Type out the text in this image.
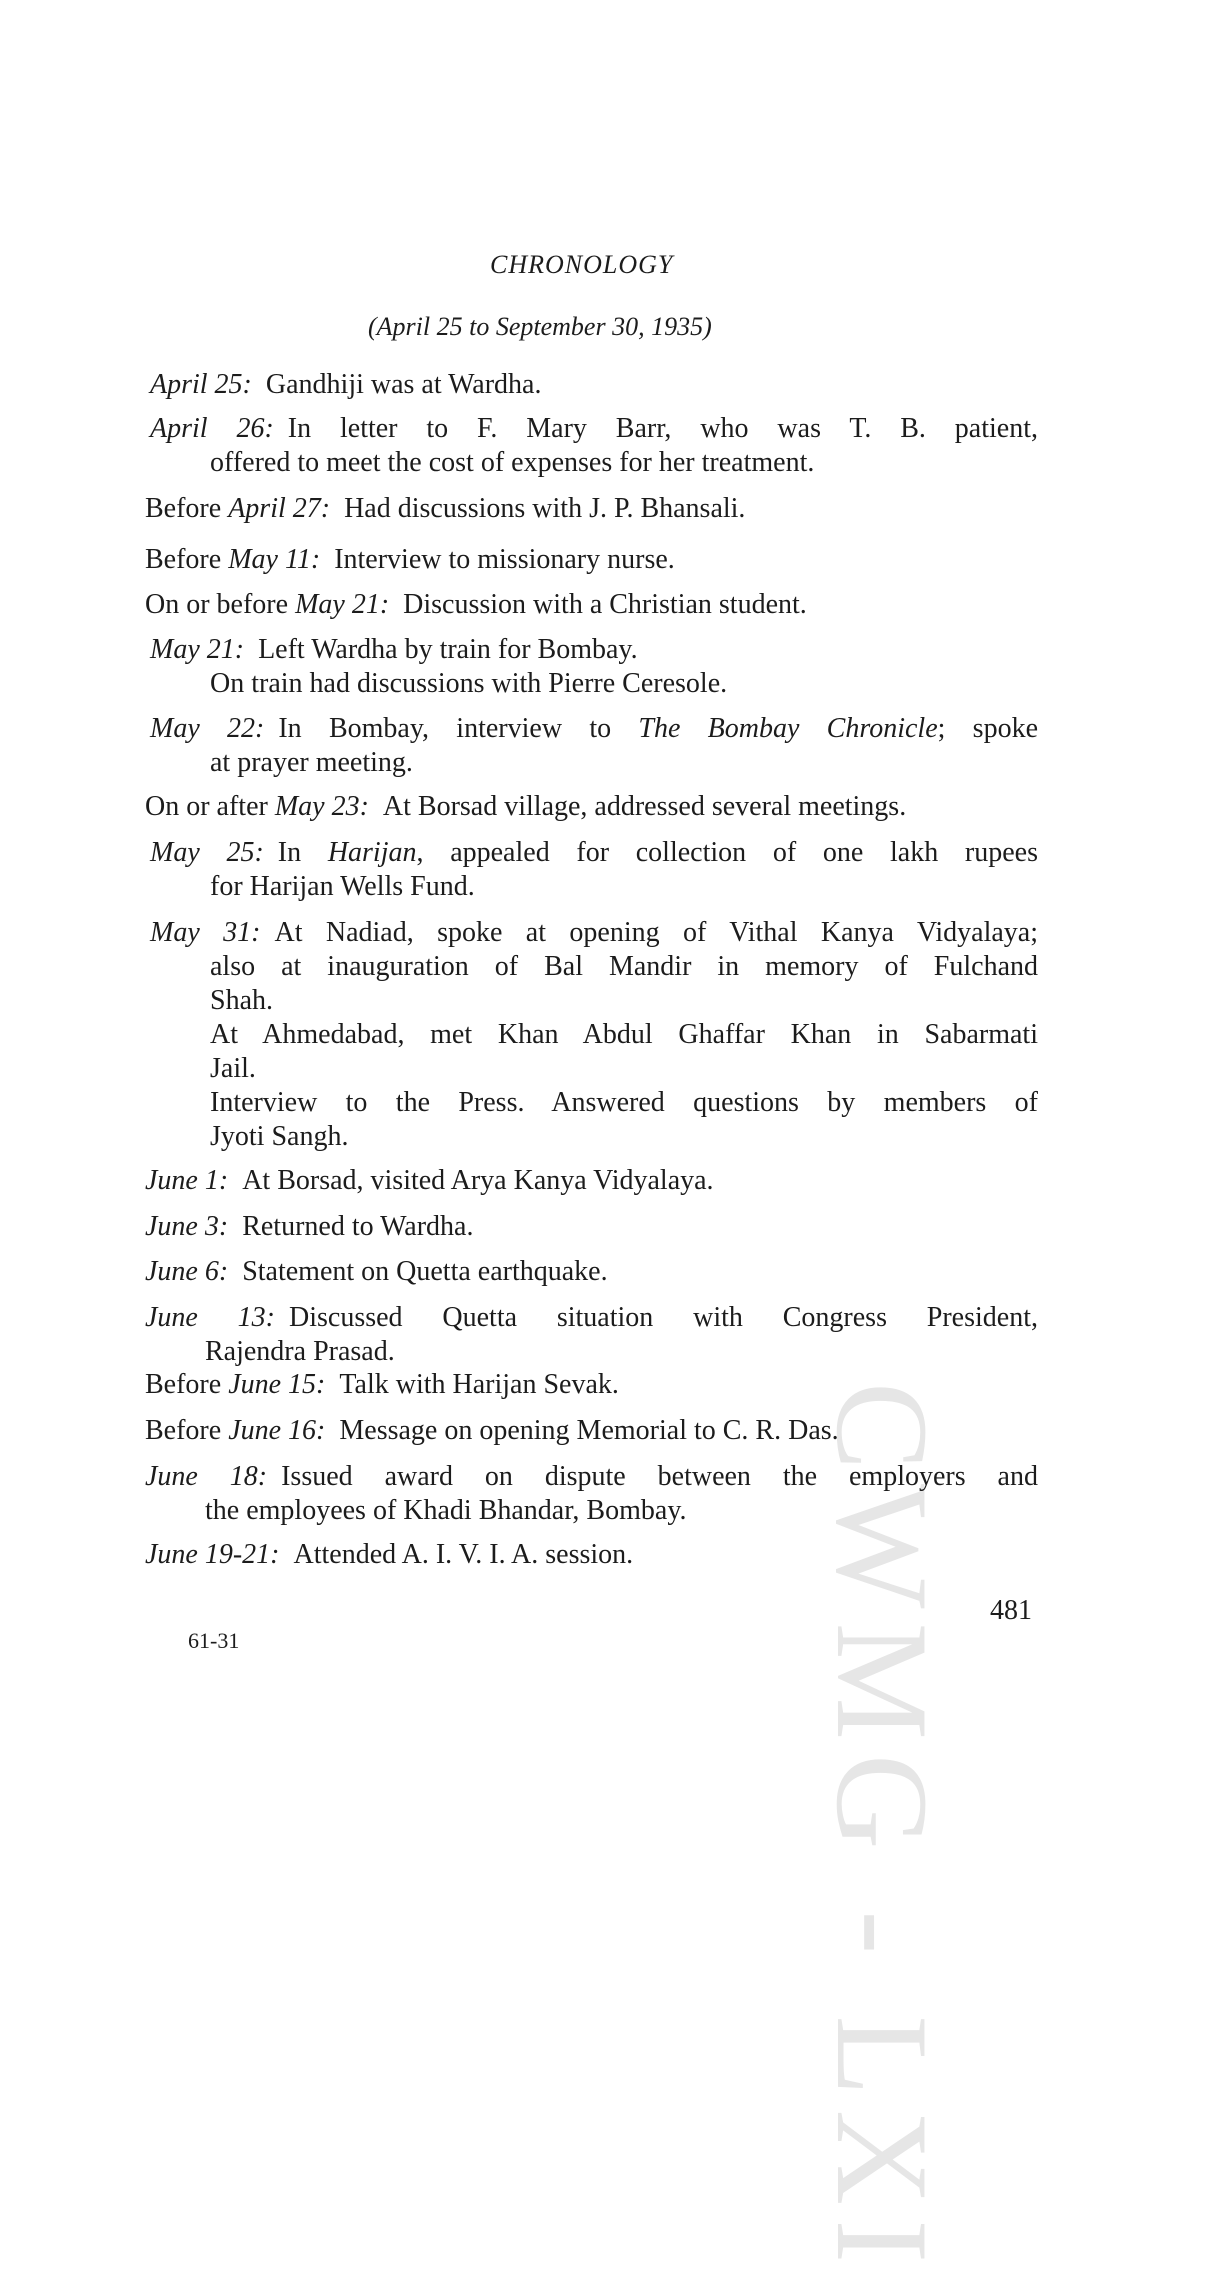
CWMG - LXI
CHRONOLOGY
(April 25 to September 30, 1935)
April 25: Gandhiji was at Wardha.
April 26: In letter to F. Mary Barr, who was T. B. patient,
offered to meet the cost of expenses for her treatment.
Before April 27: Had discussions with J. P. Bhansali.
Before May 11: Interview to missionary nurse.
On or before May 21: Discussion with a Christian student.
May 21: Left Wardha by train for Bombay.
On train had discussions with Pierre Ceresole.
May 22: In Bombay, interview to The Bombay Chronicle; spoke
at prayer meeting.
On or after May 23: At Borsad village, addressed several meetings.
May 25: In Harijan, appealed for collection of one lakh rupees
for Harijan Wells Fund.
May 31: At Nadiad, spoke at opening of Vithal Kanya Vidyalaya;
also at inauguration of Bal Mandir in memory of Fulchand
Shah.
At Ahmedabad, met Khan Abdul Ghaffar Khan in Sabarmati
Jail.
Interview to the Press. Answered questions by members of
Jyoti Sangh.
June 1: At Borsad, visited Arya Kanya Vidyalaya.
June 3: Returned to Wardha.
June 6: Statement on Quetta earthquake.
June 13: Discussed Quetta situation with Congress President,
Rajendra Prasad.
Before June 15: Talk with Harijan Sevak.
Before June 16: Message on opening Memorial to C. R. Das.
June 18: Issued award on dispute between the employers and
the employees of Khadi Bhandar, Bombay.
June 19-21: Attended A. I. V. I. A. session.
481
61-31
